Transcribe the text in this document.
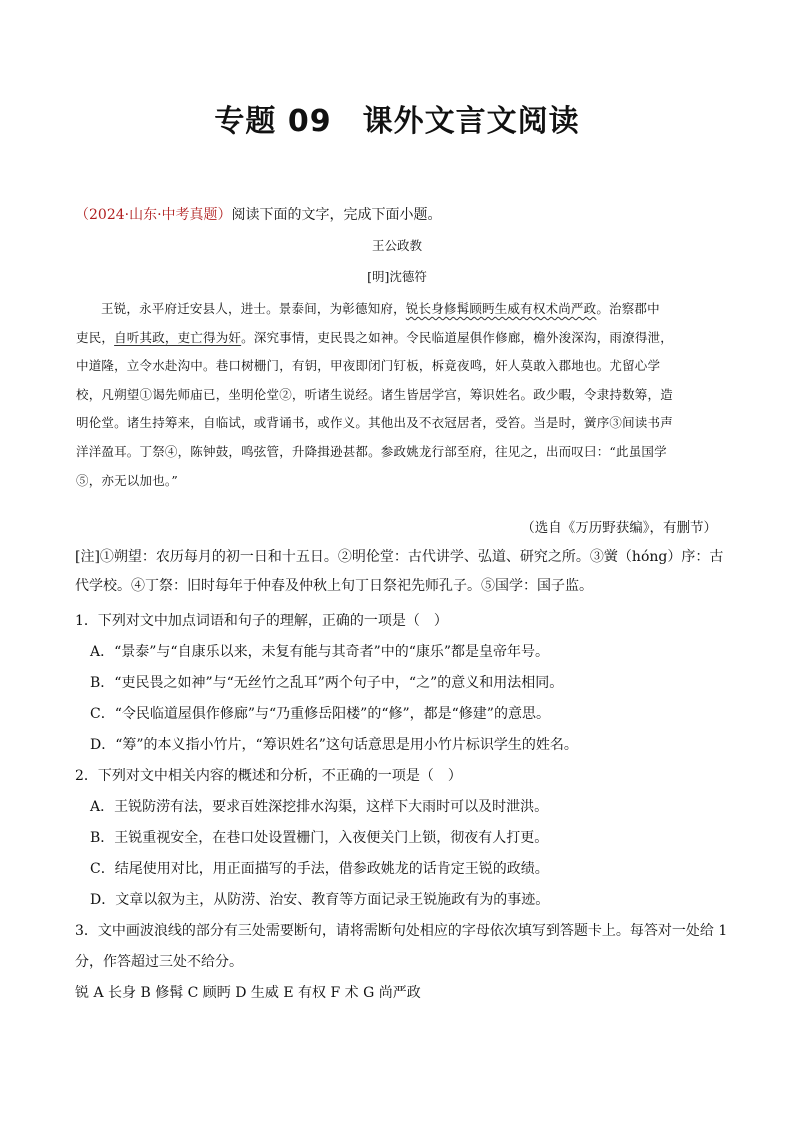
专题 09　课外文言文阅读
（2024·山东·中考真题）阅读下面的文字，完成下面小题。
王公政教
[明]沈德符
王锐，永平府迁安县人，进士。景泰间，为彰德知府，锐长身修髯顾眄生威有权术尚严政。治察郡中
吏民，自听其政，吏亡得为奸。深究事情，吏民畏之如神。令民临道屋俱作修廊，檐外浚深沟，雨潦得泄，
中道隆，立令水赴沟中。巷口树栅门，有钥，甲夜即闭门钉板，柝竟夜鸣，奸人莫敢入郡地也。尤留心学
校，凡朔望①谒先师庙已，坐明伦堂②，听诸生说经。诸生皆居学宫，筹识姓名。政少暇，令隶持数筹，造
明伦堂。诸生持筹来，自临试，或背诵书，或作义。其他出及不衣冠居者，受笞。当是时，黉序③间读书声
洋洋盈耳。丁祭④，陈钟鼓，鸣弦管，升降揖逊甚都。参政姚龙行部至府，往见之，出而叹曰：“此虽国学
⑤，亦无以加也。”
（选自《万历野获编》，有删节）
[注]①朔望：农历每月的初一日和十五日。②明伦堂：古代讲学、弘道、研究之所。③黉（hóng）序：古
代学校。④丁祭：旧时每年于仲春及仲秋上旬丁日祭祀先师孔子。⑤国学：国子监。
1．下列对文中加点词语和句子的理解，正确的一项是（　）
A．“景泰”与“自康乐以来，未复有能与其奇者”中的“康乐”都是皇帝年号。
B．“吏民畏之如神”与“无丝竹之乱耳”两个句子中，“之”的意义和用法相同。
C．“令民临道屋俱作修廊”与“乃重修岳阳楼”的“修”，都是“修建”的意思。
D．“筹”的本义指小竹片，“筹识姓名”这句话意思是用小竹片标识学生的姓名。
2．下列对文中相关内容的概述和分析，不正确的一项是（　）
A．王锐防涝有法，要求百姓深挖排水沟渠，这样下大雨时可以及时泄洪。
B．王锐重视安全，在巷口处设置栅门，入夜便关门上锁，彻夜有人打更。
C．结尾使用对比，用正面描写的手法，借参政姚龙的话肯定王锐的政绩。
D．文章以叙为主，从防涝、治安、教育等方面记录王锐施政有为的事迹。
3．文中画波浪线的部分有三处需要断句，请将需断句处相应的字母依次填写到答题卡上。每答对一处给 1
分，作答超过三处不给分。
锐 A 长身 B 修髯 C 顾眄 D 生威 E 有权 F 术 G 尚严政
